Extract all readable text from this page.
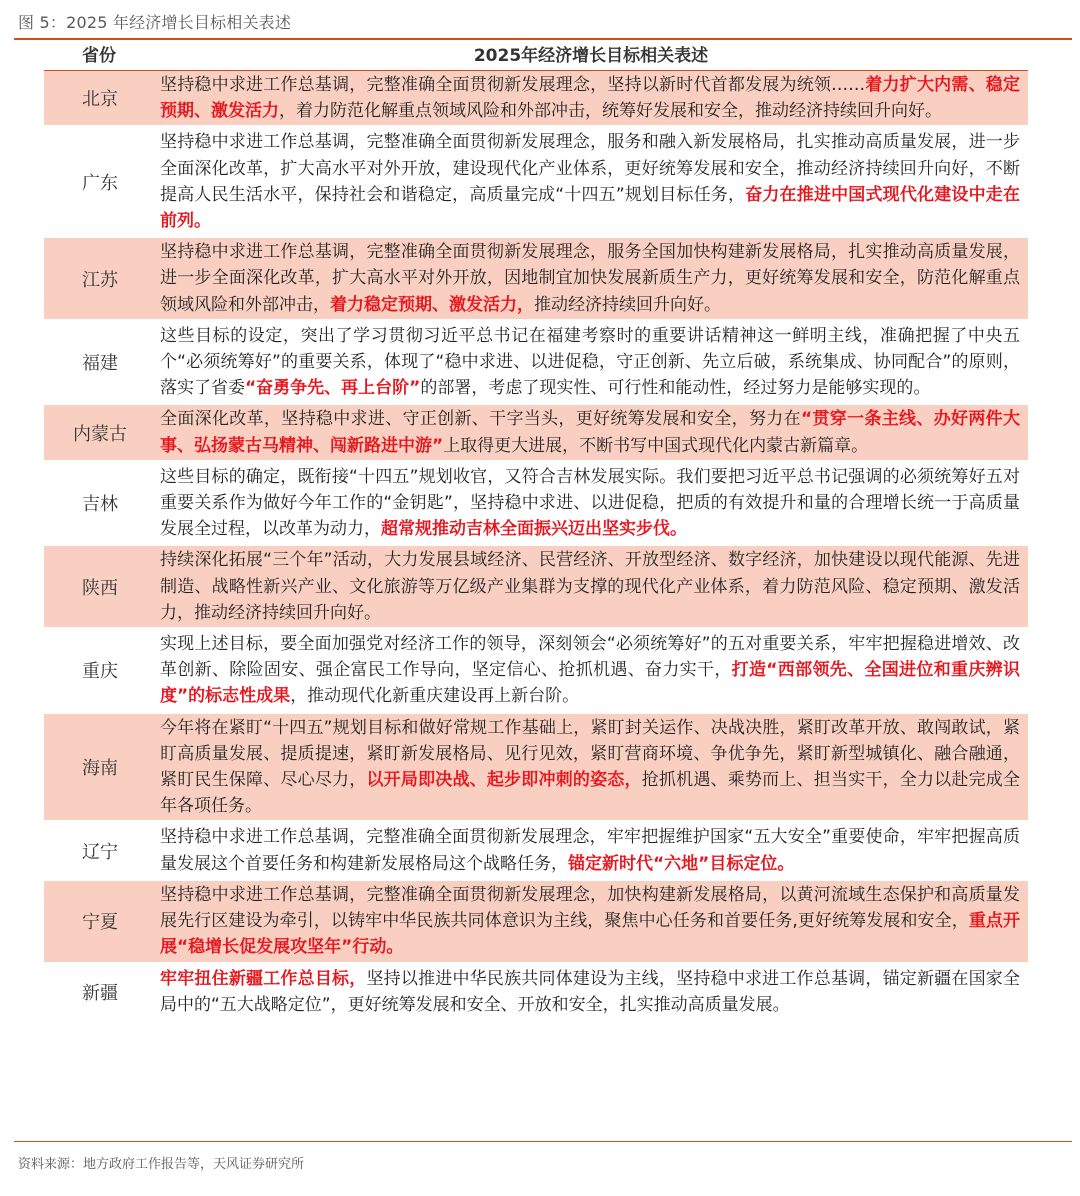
图 5：2025 年经济增长目标相关表述
省份	2025年经济增长目标相关表述
北京
坚持稳中求进工作总基调，完整准确全面贯彻新发展理念，坚持以新时代首都发展为统领……着力扩大内需、稳定预期、激发活力，着力防范化解重点领域风险和外部冲击，统筹好发展和安全，推动经济持续回升向好。
广东
坚持稳中求进工作总基调，完整准确全面贯彻新发展理念，服务和融入新发展格局，扎实推动高质量发展，进一步全面深化改革，扩大高水平对外开放，建设现代化产业体系，更好统筹发展和安全，推动经济持续回升向好，不断提高人民生活水平，保持社会和谐稳定，高质量完成“十四五”规划目标任务，奋力在推进中国式现代化建设中走在前列。
江苏
坚持稳中求进工作总基调，完整准确全面贯彻新发展理念，服务全国加快构建新发展格局，扎实推动高质量发展，进一步全面深化改革，扩大高水平对外开放，因地制宜加快发展新质生产力，更好统筹发展和安全，防范化解重点领域风险和外部冲击，着力稳定预期、激发活力，推动经济持续回升向好。
福建
这些目标的设定，突出了学习贯彻习近平总书记在福建考察时的重要讲话精神这一鲜明主线，准确把握了中央五个“必须统筹好”的重要关系，体现了“稳中求进、以进促稳，守正创新、先立后破，系统集成、协同配合”的原则，落实了省委“奋勇争先、再上台阶”的部署，考虑了现实性、可行性和能动性，经过努力是能够实现的。
内蒙古
全面深化改革，坚持稳中求进、守正创新、干字当头，更好统筹发展和安全，努力在“贯穿一条主线、办好两件大事、弘扬蒙古马精神、闯新路进中游”上取得更大进展，不断书写中国式现代化内蒙古新篇章。
吉林
这些目标的确定，既衔接“十四五”规划收官，又符合吉林发展实际。我们要把习近平总书记强调的必须统筹好五对重要关系作为做好今年工作的“金钥匙”，坚持稳中求进、以进促稳，把质的有效提升和量的合理增长统一于高质量发展全过程，以改革为动力，超常规推动吉林全面振兴迈出坚实步伐。
陕西
持续深化拓展“三个年”活动，大力发展县域经济、民营经济、开放型经济、数字经济，加快建设以现代能源、先进制造、战略性新兴产业、文化旅游等万亿级产业集群为支撑的现代化产业体系，着力防范风险、稳定预期、激发活力，推动经济持续回升向好。
重庆
实现上述目标，要全面加强党对经济工作的领导，深刻领会“必须统筹好”的五对重要关系，牢牢把握稳进增效、改革创新、除险固安、强企富民工作导向，坚定信心、抢抓机遇、奋力实干，打造“西部领先、全国进位和重庆辨识度”的标志性成果，推动现代化新重庆建设再上新台阶。
海南
今年将在紧盯“十四五”规划目标和做好常规工作基础上，紧盯封关运作、决战决胜，紧盯改革开放、敢闯敢试，紧盯高质量发展、提质提速，紧盯新发展格局、见行见效，紧盯营商环境、争优争先，紧盯新型城镇化、融合融通，紧盯民生保障、尽心尽力，以开局即决战、起步即冲刺的姿态，抢抓机遇、乘势而上、担当实干，全力以赴完成全年各项任务。
辽宁
坚持稳中求进工作总基调，完整准确全面贯彻新发展理念，牢牢把握维护国家“五大安全”重要使命，牢牢把握高质量发展这个首要任务和构建新发展格局这个战略任务，锚定新时代“六地”目标定位。
宁夏
坚持稳中求进工作总基调，完整准确全面贯彻新发展理念，加快构建新发展格局，以黄河流域生态保护和高质量发展先行区建设为牵引，以铸牢中华民族共同体意识为主线，聚焦中心任务和首要任务,更好统筹发展和安全，重点开展“稳增长促发展攻坚年”行动。
新疆
牢牢扭住新疆工作总目标，坚持以推进中华民族共同体建设为主线，坚持稳中求进工作总基调，锚定新疆在国家全局中的“五大战略定位”，更好统筹发展和安全、开放和安全，扎实推动高质量发展。
资料来源：地方政府工作报告等，天风证券研究所
